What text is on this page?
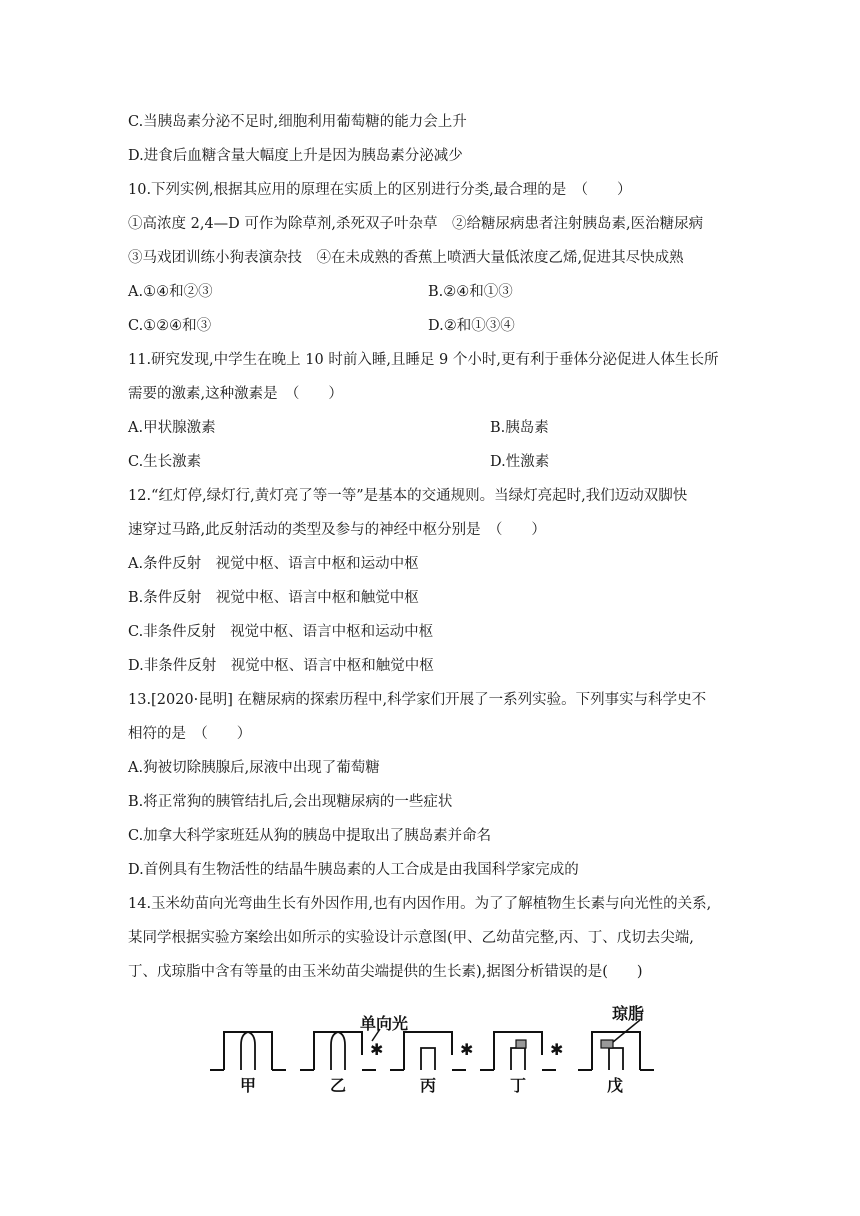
C.当胰岛素分泌不足时,细胞利用葡萄糖的能力会上升
D.进食后血糖含量大幅度上升是因为胰岛素分泌减少
10.下列实例,根据其应用的原理在实质上的区别进行分类,最合理的是　（　　）
①高浓度 2,4—D 可作为除草剂,杀死双子叶杂草　②给糖尿病患者注射胰岛素,医治糖尿病
③马戏团训练小狗表演杂技　④在未成熟的香蕉上喷洒大量低浓度乙烯,促进其尽快成熟
A.①④和②③	B.②④和①③
C.①②④和③	D.②和①③④
11.研究发现,中学生在晚上 10 时前入睡,且睡足 9 个小时,更有利于垂体分泌促进人体生长所
需要的激素,这种激素是　（　　）
A.甲状腺激素	B.胰岛素
C.生长激素	D.性激素
12.“红灯停,绿灯行,黄灯亮了等一等”是基本的交通规则。当绿灯亮起时,我们迈动双脚快
速穿过马路,此反射活动的类型及参与的神经中枢分别是　（　　）
A.条件反射　视觉中枢、语言中枢和运动中枢
B.条件反射　视觉中枢、语言中枢和触觉中枢
C.非条件反射　视觉中枢、语言中枢和运动中枢
D.非条件反射　视觉中枢、语言中枢和触觉中枢
13.[2020·昆明] 在糖尿病的探索历程中,科学家们开展了一系列实验。下列事实与科学史不
相符的是　（　　）
A.狗被切除胰腺后,尿液中出现了葡萄糖
B.将正常狗的胰管结扎后,会出现糖尿病的一些症状
C.加拿大科学家班廷从狗的胰岛中提取出了胰岛素并命名
D.首例具有生物活性的结晶牛胰岛素的人工合成是由我国科学家完成的
14.玉米幼苗向光弯曲生长有外因作用,也有内因作用。为了了解植物生长素与向光性的关系,
某同学根据实验方案绘出如所示的实验设计示意图(甲、乙幼苗完整,丙、丁、戊切去尖端,
丁、戊琼脂中含有等量的由玉米幼苗尖端提供的生长素),据图分析错误的是(　　)
✱	✱	✱
单向光
琼脂
甲	乙	丙	丁	戊
